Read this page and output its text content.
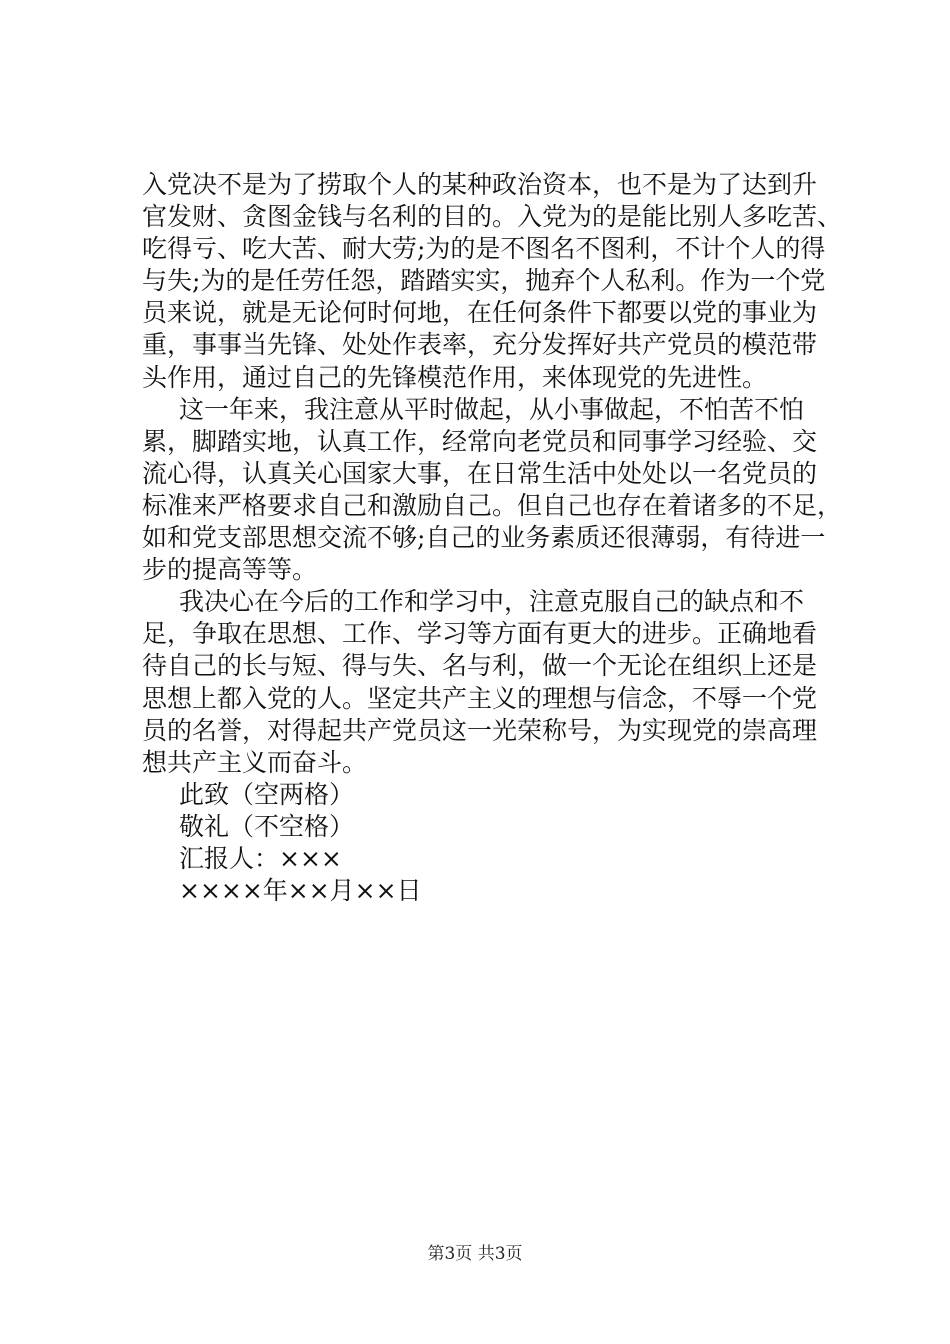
入党决不是为了捞取个人的某种政治资本，也不是为了达到升
官发财、贪图金钱与名利的目的。入党为的是能比别人多吃苦、
吃得亏、吃大苦、耐大劳;为的是不图名不图利，不计个人的得
与失;为的是任劳任怨，踏踏实实，抛弃个人私利。作为一个党
员来说，就是无论何时何地，在任何条件下都要以党的事业为
重，事事当先锋、处处作表率，充分发挥好共产党员的模范带
头作用，通过自己的先锋模范作用，来体现党的先进性。
这一年来，我注意从平时做起，从小事做起，不怕苦不怕
累，脚踏实地，认真工作，经常向老党员和同事学习经验、交
流心得，认真关心国家大事，在日常生活中处处以一名党员的
标准来严格要求自己和激励自己。但自己也存在着诸多的不足，
如和党支部思想交流不够;自己的业务素质还很薄弱，有待进一
步的提高等等。
我决心在今后的工作和学习中，注意克服自己的缺点和不
足，争取在思想、工作、学习等方面有更大的进步。正确地看
待自己的长与短、得与失、名与利，做一个无论在组织上还是
思想上都入党的人。坚定共产主义的理想与信念，不辱一个党
员的名誉，对得起共产党员这一光荣称号，为实现党的崇高理
想共产主义而奋斗。
此致（空两格）
敬礼（不空格）
汇报人：×××
××××年××月××日
第3页 共3页
